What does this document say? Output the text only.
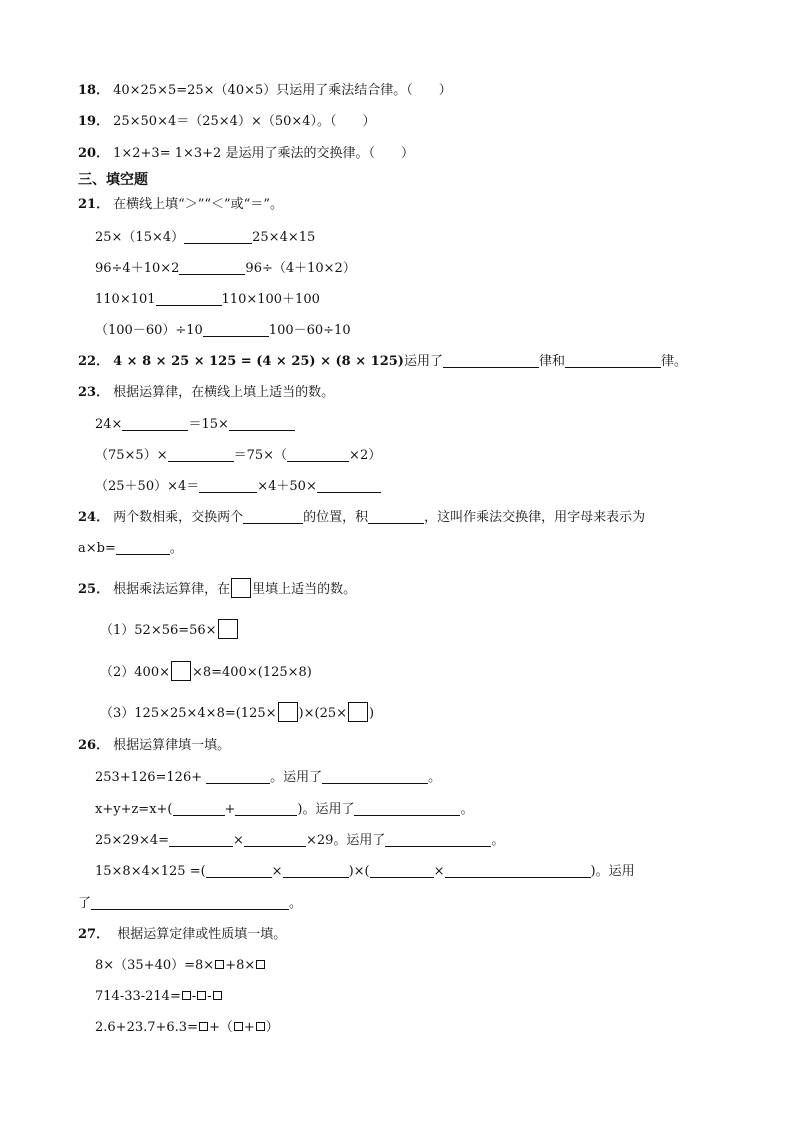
18． 40×25×5=25×（40×5）只运用了乘法结合律。（　　）
19． 25×50×4＝（25×4）×（50×4）。（　　）
20． 1×2+3= 1×3+2 是运用了乘法的交换律。（　　）
三、填空题
21． 在横线上填“＞”“＜”或“＝”。
25×（15×4）	25×4×15
96÷4＋10×2	96÷（4＋10×2）
110×101	110×100＋100
（100－60）÷10	100－60÷10
22． 4 × 8 × 25 × 125 = (4 × 25) × (8 × 125)运用了	律和	律。
23． 根据运算律，在横线上填上适当的数。
24×	＝15×
（75×5）×	＝75×（	×2）
（25＋50）×4＝	×4＋50×
24． 两个数相乘，交换两个	的位置，积	，这叫作乘法交换律，用字母来表示为
a×b=	。
25． 根据乘法运算律，在 里填上适当的数。
（1）52×56=56×
（2）400× ×8=400×(125×8)
（3）125×25×4×8=(125× )×(25× )
26． 根据运算律填一填。
253+126=126+	。运用了	。
x+y+z=x+(	+	)。运用了	。
25×29×4=	×	×29。运用了	。
15×8×4×125 =(	×	)×(	×	)。运用
了	。
27． 根据运算定律或性质填一填。
8×（35+40）=8× +8×
714-33-214= - -
2.6+23.7+6.3= +（ + ）
